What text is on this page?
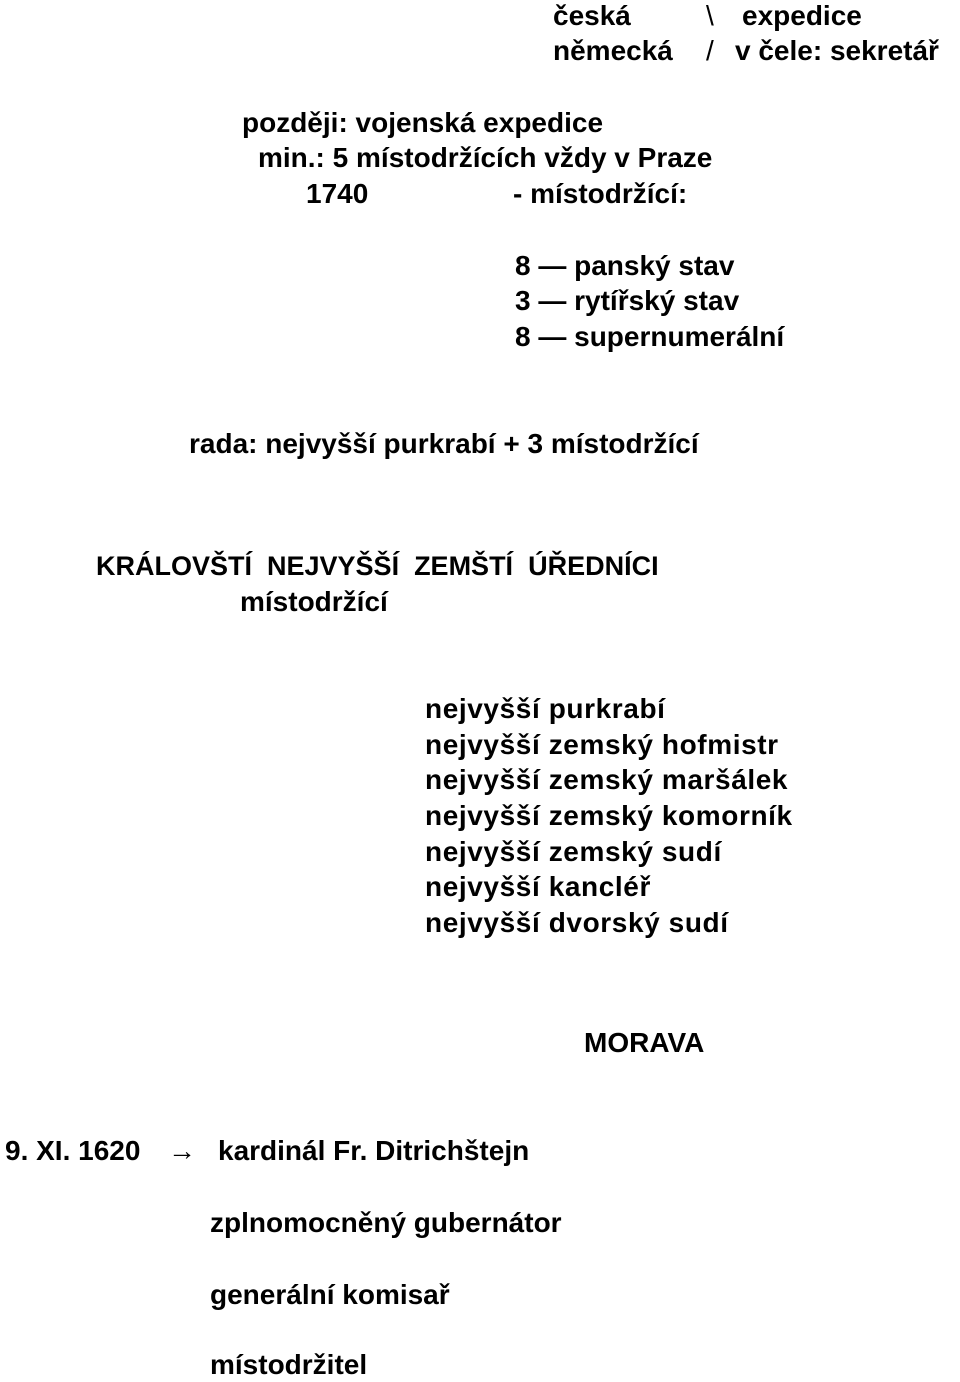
česká	\ expedice
německá / v čele: sekretář
později: vojenská expedice
min.: 5 místodržících vždy v Praze
1740	- místodržící:
8 — panský stav
3 — rytířský stav
8 — supernumerální
rada: nejvyšší purkrabí + 3 místodržící
KRÁLOVŠTÍ  NEJVYŠŠÍ  ZEMŠTÍ  ÚŘEDNÍCI
místodržící
nejvyšší purkrabí
nejvyšší zemský hofmistr
nejvyšší zemský maršálek
nejvyšší zemský komorník
nejvyšší zemský sudí
nejvyšší kancléř
nejvyšší dvorský sudí
MORAVA
9. XI. 1620 → kardinál Fr. Ditrichštejn
zplnomocněný gubernátor
generální komisař
místodržitel
